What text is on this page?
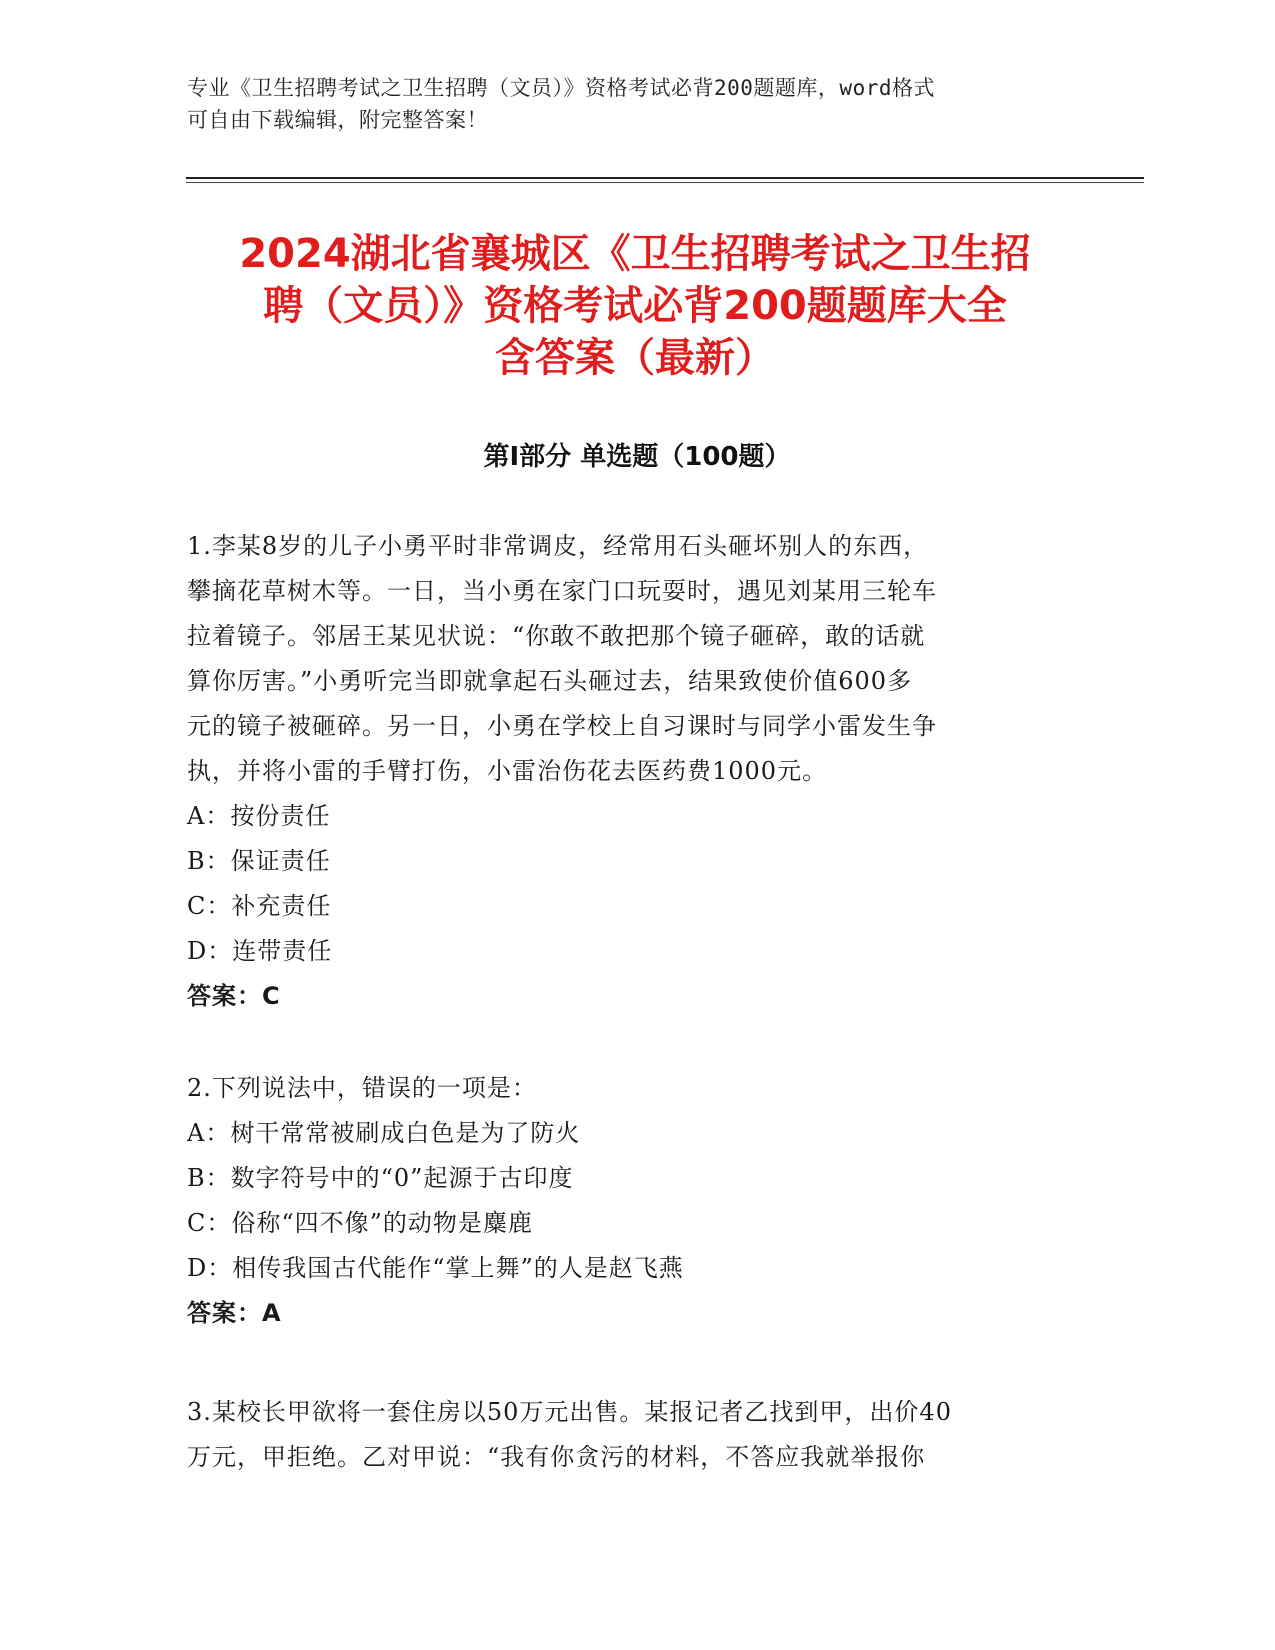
专业《卫生招聘考试之卫生招聘（文员）》资格考试必背200题题库，word格式
可自由下载编辑，附完整答案！
2024湖北省襄城区《卫生招聘考试之卫生招
聘（文员）》资格考试必背200题题库大全
含答案（最新）
第Ⅰ部分 单选题（100题）

1.李某8岁的儿子小勇平时非常调皮，经常用石头砸坏别人的东西，

攀摘花草树木等。一日，当小勇在家门口玩耍时，遇见刘某用三轮车

拉着镜子。邻居王某见状说：“你敢不敢把那个镜子砸碎，敢的话就

算你厉害。”小勇听完当即就拿起石头砸过去，结果致使价值600多

元的镜子被砸碎。另一日，小勇在学校上自习课时与同学小雷发生争

执，并将小雷的手臂打伤，小雷治伤花去医药费1000元。

A：按份责任

B：保证责任

C：补充责任

D：连带责任

答案：C

2.下列说法中，错误的一项是：

A：树干常常被刷成白色是为了防火

B：数字符号中的“0”起源于古印度

C：俗称“四不像”的动物是麋鹿

D：相传我国古代能作“掌上舞”的人是赵飞燕

答案：A

3.某校长甲欲将一套住房以50万元出售。某报记者乙找到甲，出价40

万元，甲拒绝。乙对甲说：“我有你贪污的材料，不答应我就举报你
